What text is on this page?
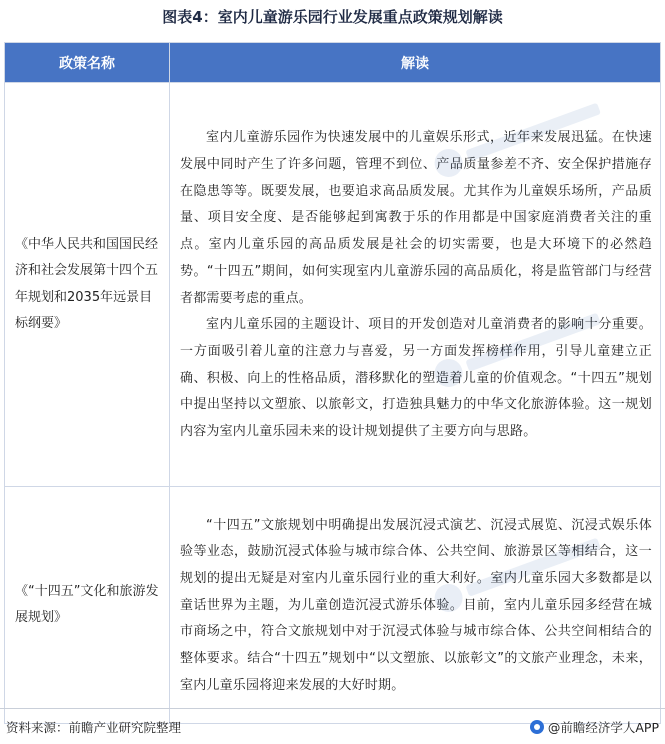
图表4：室内儿童游乐园行业发展重点政策规划解读
政策名称	解读
《中华人民共和国国民经济和社会发展第十四个五年规划和2035年远景目标纲要》	室内儿童游乐园作为快速发展中的儿童娱乐形式，近年来发展迅猛。在快速发展中同时产生了许多问题，管理不到位、产品质量参差不齐、安全保护措施存在隐患等等。既要发展，也要追求高品质发展。尤其作为儿童娱乐场所，产品质量、项目安全度、是否能够起到寓教于乐的作用都是中国家庭消费者关注的重点。室内儿童乐园的高品质发展是社会的切实需要，也是大环境下的必然趋势。“十四五”期间，如何实现室内儿童游乐园的高品质化，将是监管部门与经营者都需要考虑的重点。

室内儿童乐园的主题设计、项目的开发创造对儿童消费者的影响十分重要。一方面吸引着儿童的注意力与喜爱，另一方面发挥榜样作用，引导儿童建立正确、积极、向上的性格品质，潜移默化的塑造着儿童的价值观念。“十四五”规划中提出坚持以文塑旅、以旅彰文，打造独具魅力的中华文化旅游体验。这一规划内容为室内儿童乐园未来的设计规划提供了主要方向与思路。

《“十四五”文化和旅游发展规划》	“十四五”文旅规划中明确提出发展沉浸式演艺、沉浸式展览、沉浸式娱乐体验等业态，鼓励沉浸式体验与城市综合体、公共空间、旅游景区等相结合，这一规划的提出无疑是对室内儿童乐园行业的重大利好。室内儿童乐园大多数都是以童话世界为主题，为儿童创造沉浸式游乐体验。目前，室内儿童乐园多经营在城市商场之中，符合文旅规划中对于沉浸式体验与城市综合体、公共空间相结合的整体要求。结合“十四五”规划中“以文塑旅、以旅彰文”的文旅产业理念，未来，室内儿童乐园将迎来发展的大好时期。

资料来源：前瞻产业研究院整理	@前瞻经济学人APP
